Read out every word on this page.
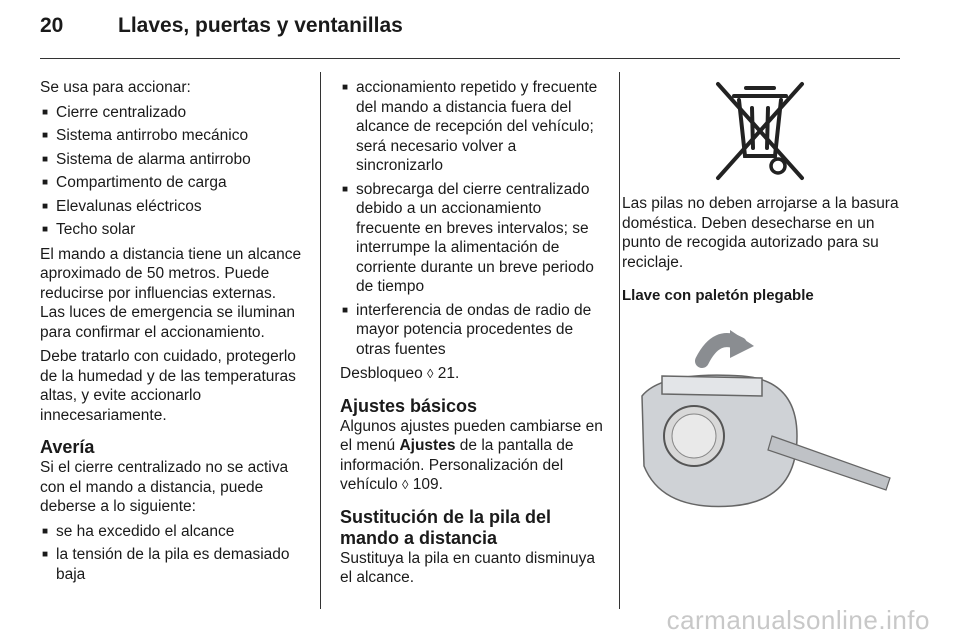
20	Llaves, puertas y ventanillas

Se usa para accionar:

■ Cierre centralizado
■ Sistema antirrobo mecánico
■ Sistema de alarma antirrobo
■ Compartimento de carga
■ Elevalunas eléctricos
■ Techo solar

El mando a distancia tiene un alcance aproximado de 50 metros. Puede reducirse por influencias externas. Las luces de emergencia se iluminan para confirmar el accionamiento.

Debe tratarlo con cuidado, protegerlo de la humedad y de las temperaturas altas, y evite accionarlo innecesariamente.

Avería

Si el cierre centralizado no se activa con el mando a distancia, puede deberse a lo siguiente:

■ se ha excedido el alcance
■ la tensión de la pila es demasiado baja
■ accionamiento repetido y frecuente del mando a distancia fuera del alcance de recepción del vehículo; será necesario volver a sincronizarlo
■ sobrecarga del cierre centralizado debido a un accionamiento frecuente en breves intervalos; se interrumpe la alimentación de corriente durante un breve periodo de tiempo
■ interferencia de ondas de radio de mayor potencia procedentes de otras fuentes

Desbloqueo ◊ 21.

Ajustes básicos

Algunos ajustes pueden cambiarse en el menú Ajustes de la pantalla de información. Personalización del vehículo ◊ 109.

Sustitución de la pila del mando a distancia

Sustituya la pila en cuanto disminuya el alcance.

Las pilas no deben arrojarse a la basura doméstica. Deben desecharse en un punto de recogida autorizado para su reciclaje.

Llave con paletón plegable
carmanualsonline.info
